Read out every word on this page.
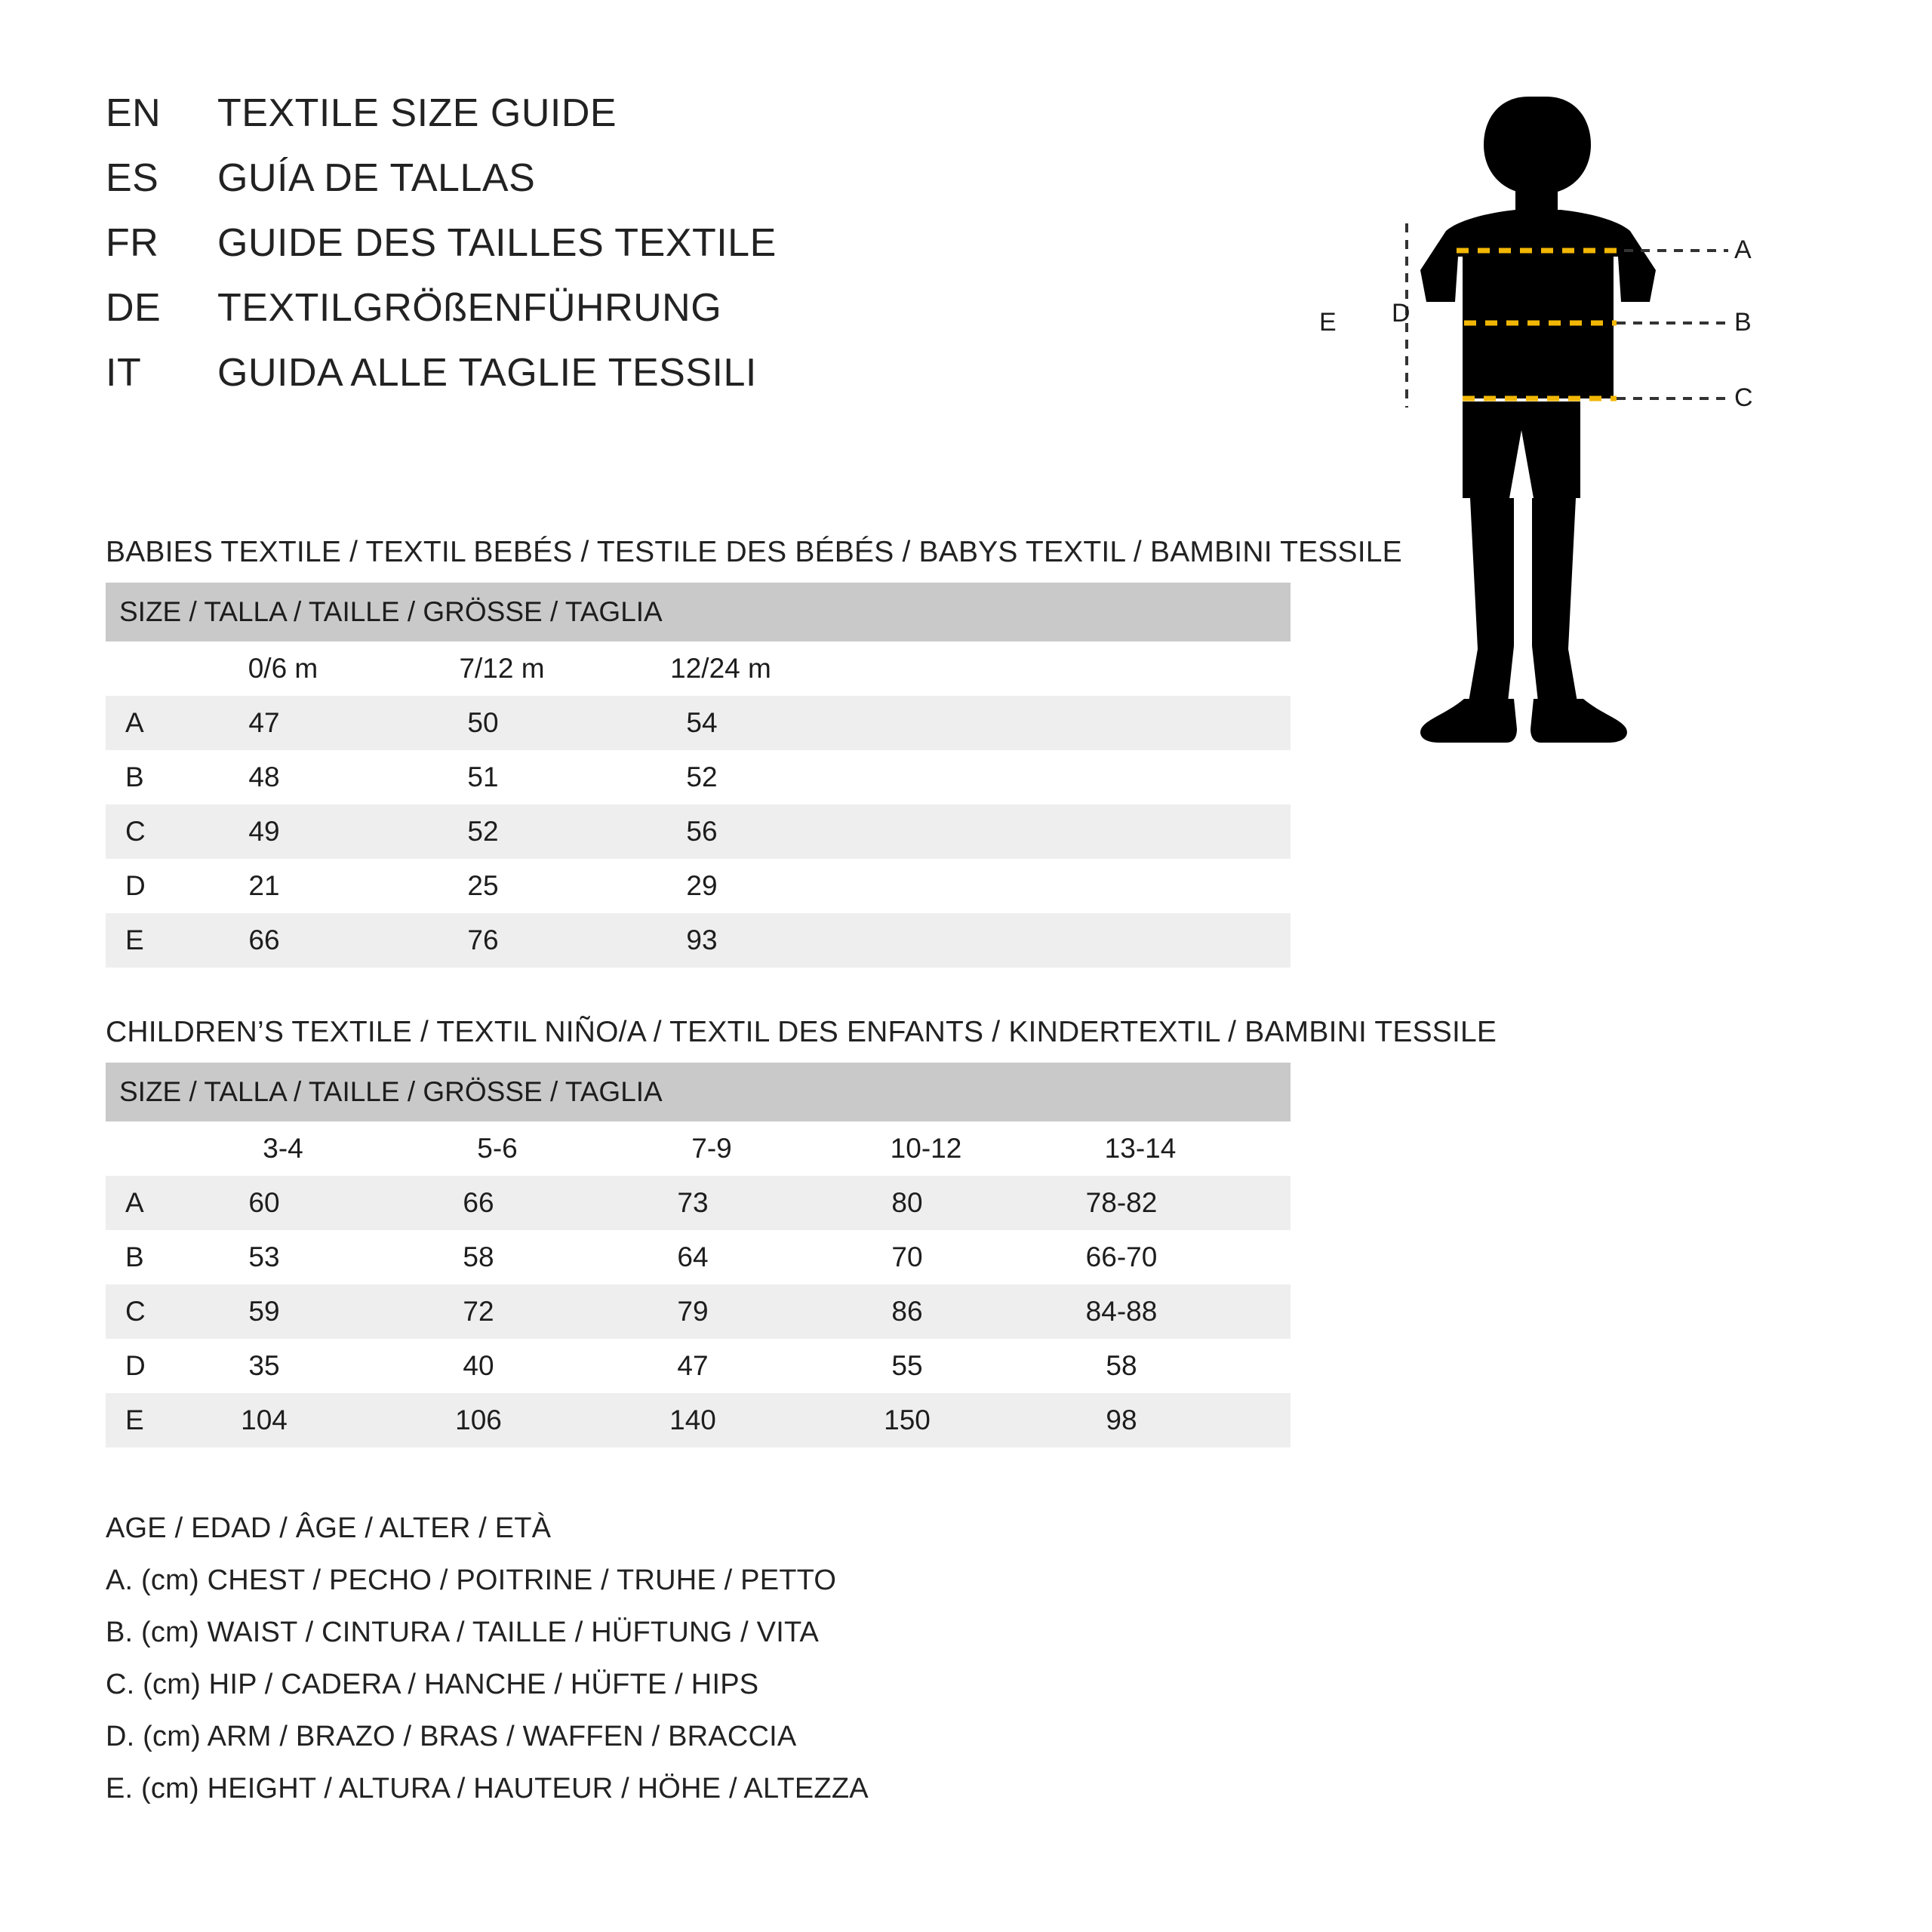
EN	TEXTILE SIZE GUIDE
ES	GUÍA DE TALLAS
FR	GUIDE DES TAILLES TEXTILE
DE	TEXTILGRÖßENFÜHRUNG
IT	GUIDA ALLE TAGLIE TESSILI
BABIES TEXTILE / TEXTIL BEBÉS / TESTILE DES BÉBÉS / BABYS TEXTIL / BAMBINI TESSILE
SIZE / TALLA / TAILLE / GRÖSSE / TAGLIA				
	0/6 m	7/12 m	12/24 m	
A	47	50	54	
B	48	51	52	
C	49	52	56	
D	21	25	29	
E	66	76	93	
CHILDREN’S TEXTILE / TEXTIL NIÑO/A / TEXTIL DES ENFANTS / KINDERTEXTIL / BAMBINI TESSILE
SIZE / TALLA / TAILLE / GRÖSSE / TAGLIA					
	3-4	5-6	7-9	10-12	13-14
A	60	66	73	80	78-82
B	53	58	64	70	66-70
C	59	72	79	86	84-88
D	35	40	47	55	58
E	104	106	140	150	98
AGE / EDAD / ÂGE / ALTER / ETÀ
A. (cm) CHEST / PECHO / POITRINE / TRUHE / PETTO
B. (cm) WAIST / CINTURA / TAILLE / HÜFTUNG / VITA
C. (cm) HIP / CADERA / HANCHE / HÜFTE / HIPS
D. (cm) ARM / BRAZO / BRAS / WAFFEN / BRACCIA
E. (cm) HEIGHT / ALTURA / HAUTEUR / HÖHE / ALTEZZA
A
B
C
D
E
